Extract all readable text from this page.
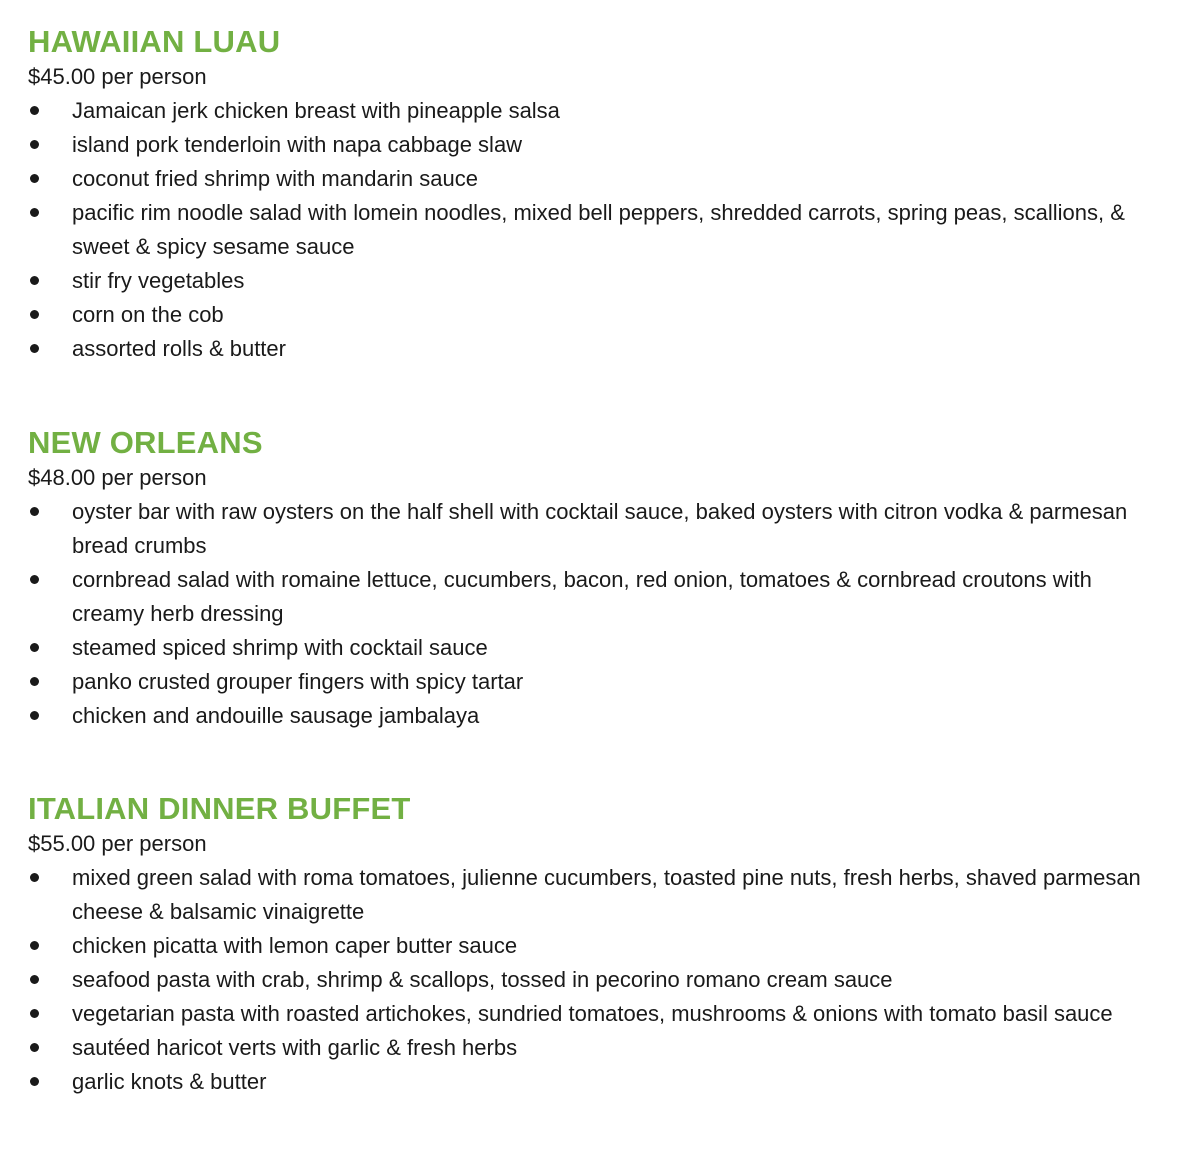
HAWAIIAN LUAU

$45.00 per person

Jamaican jerk chicken breast with pineapple salsa
island pork tenderloin with napa cabbage slaw
coconut fried shrimp with mandarin sauce
pacific rim noodle salad with lomein noodles, mixed bell peppers, shredded carrots, spring peas, scallions, & sweet & spicy sesame sauce
stir fry vegetables
corn on the cob
assorted rolls & butter
NEW ORLEANS

$48.00 per person

oyster bar with raw oysters on the half shell with cocktail sauce, baked oysters with citron vodka & parmesan bread crumbs
cornbread salad with romaine lettuce, cucumbers, bacon, red onion, tomatoes & cornbread croutons with creamy herb dressing
steamed spiced shrimp with cocktail sauce
panko crusted grouper fingers with spicy tartar
chicken and andouille sausage jambalaya
ITALIAN DINNER BUFFET

$55.00 per person

mixed green salad with roma tomatoes, julienne cucumbers, toasted pine nuts, fresh herbs, shaved parmesan cheese & balsamic vinaigrette
chicken picatta with lemon caper butter sauce
seafood pasta with crab, shrimp & scallops, tossed in pecorino romano cream sauce
vegetarian pasta with roasted artichokes, sundried tomatoes, mushrooms & onions with tomato basil sauce
sautéed haricot verts with garlic & fresh herbs
garlic knots & butter
